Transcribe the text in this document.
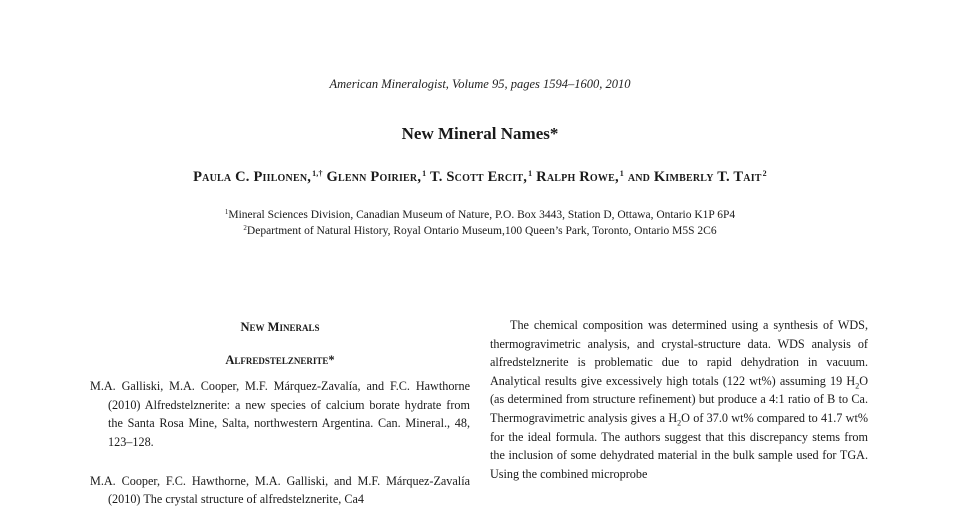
American Mineralogist, Volume 95, pages 1594–1600, 2010
New Mineral Names*
Paula C. Piilonen,$^{1,\dagger}$ Glenn Poirier,$^1$ T. Scott Ercit,$^1$ Ralph Rowe,$^1$ and Kimberly T. Tait$^2$
$^1$Mineral Sciences Division, Canadian Museum of Nature, P.O. Box 3443, Station D, Ottawa, Ontario K1P 6P4
$^2$Department of Natural History, Royal Ontario Museum,100 Queen’s Park, Toronto, Ontario M5S 2C6
New Minerals
Alfredstelznerite*

M.A. Galliski, M.A. Cooper, M.F. Márquez-Zavalía, and F.C. Hawthorne (2010) Alfredstelznerite: a new species of calcium borate hydrate from the Santa Rosa Mine, Salta, northwestern Argentina. Can. Mineral., 48, 123–128.

M.A. Cooper, F.C. Hawthorne, M.A. Galliski, and M.F. Márquez-Zavalía (2010) The crystal structure of alfredstelznerite, Ca4

The chemical composition was determined using a synthesis of WDS, thermogravimetric analysis, and crystal-structure data. WDS analysis of alfredstelznerite is problematic due to rapid dehydration in vacuum. Analytical results give excessively high totals (122 wt%) assuming 19 $H_2O$ (as determined from structure refinement) but produce a 4:1 ratio of B to Ca. Thermogravimetric analysis gives a $H_2O$ of 37.0 wt% compared to 41.7 wt% for the ideal formula. The authors suggest that this discrepancy stems from the inclusion of some dehydrated material in the bulk sample used for TGA. Using the combined microprobe
